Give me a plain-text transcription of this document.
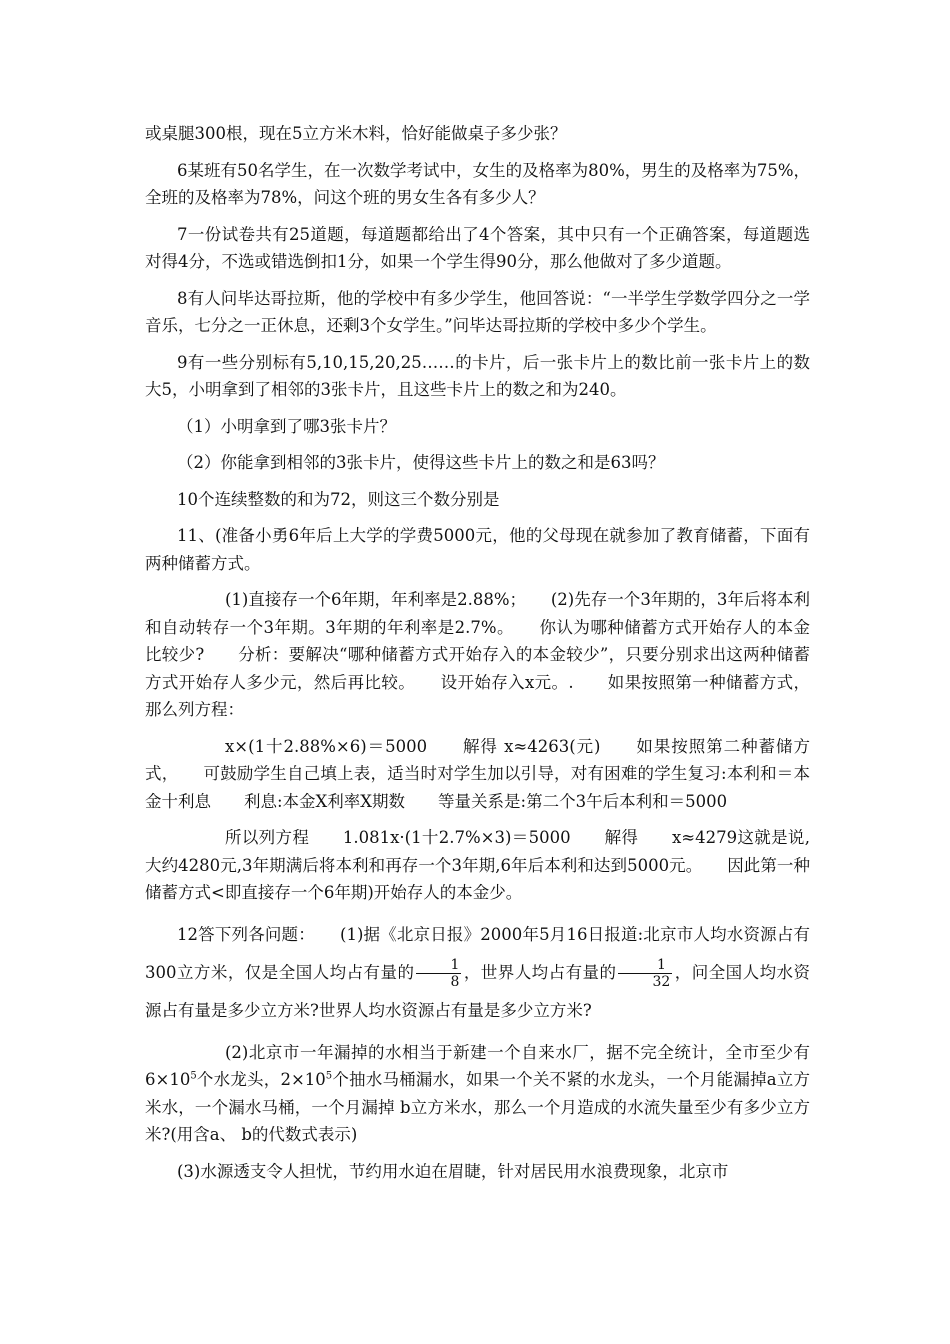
或桌腿300根，现在5立方米木料，恰好能做桌子多少张？

6某班有50名学生，在一次数学考试中，女生的及格率为80%，男生的及格率为75%，全班的及格率为78%，问这个班的男女生各有多少人？

7一份试卷共有25道题，每道题都给出了4个答案，其中只有一个正确答案，每道题选对得4分，不选或错选倒扣1分，如果一个学生得90分，那么他做对了多少道题。

8有人问毕达哥拉斯，他的学校中有多少学生，他回答说：“一半学生学数学四分之一学音乐，七分之一正休息，还剩3个女学生。”问毕达哥拉斯的学校中多少个学生。

9有一些分别标有5,10,15,20,25……的卡片，后一张卡片上的数比前一张卡片上的数大5，小明拿到了相邻的3张卡片，且这些卡片上的数之和为240。

（1）小明拿到了哪3张卡片？

（2）你能拿到相邻的3张卡片，使得这些卡片上的数之和是63吗？

10个连续整数的和为72，则这三个数分别是

11、(准备小勇6年后上大学的学费5000元，他的父母现在就参加了教育储蓄，下面有两种储蓄方式。

(1)直接存一个6年期，年利率是2.88%；　　(2)先存一个3年期的，3年后将本利和自动转存一个3年期。3年期的年利率是2.7%。　　你认为哪种储蓄方式开始存人的本金比较少?　　分析：要解决“哪种储蓄方式开始存入的本金较少”，只要分别求出这两种储蓄方式开始存人多少元，然后再比较。　　设开始存入x元。.　　如果按照第一种储蓄方式，那么列方程：

x×(1十2.88%×6)＝5000　　解得 x≈4263(元)　　如果按照第二种蓄储方式，　　可鼓励学生自己填上表，适当时对学生加以引导，对有困难的学生复习:本利和＝本金十利息　　利息:本金X利率X期数　　等量关系是:第二个3午后本利和＝5000

所以列方程　　1.081x·(1十2.7%×3)＝5000　　解得　　x≈4279这就是说,大约4280元,3年期满后将本利和再存一个3年期,6年后本利和达到5000元。　　因此第一种储蓄方式<即直接存一个6年期)开始存人的本金少。

12答下列各问题：　　(1)据《北京日报》2000年5月16日报道:北京市人均水资源占有300立方米，仅是全国人均占有量的 $\frac{1}{8}$ ，世界人均占有量的 $\frac{1}{32}$ ，问全国人均水资源占有量是多少立方米?世界人均水资源占有量是多少立方米?

(2)北京市一年漏掉的水相当于新建一个自来水厂，据不完全统计，全市至少有$6\times 10^5$个水龙头，$2\times 10^5$个抽水马桶漏水，如果一个关不紧的水龙头，一个月能漏掉a立方米水，一个漏水马桶，一个月漏掉 b立方米水，那么一个月造成的水流失量至少有多少立方米?(用含a、 b的代数式表示)

(3)水源透支令人担忧，节约用水迫在眉睫，针对居民用水浪费现象，北京市
